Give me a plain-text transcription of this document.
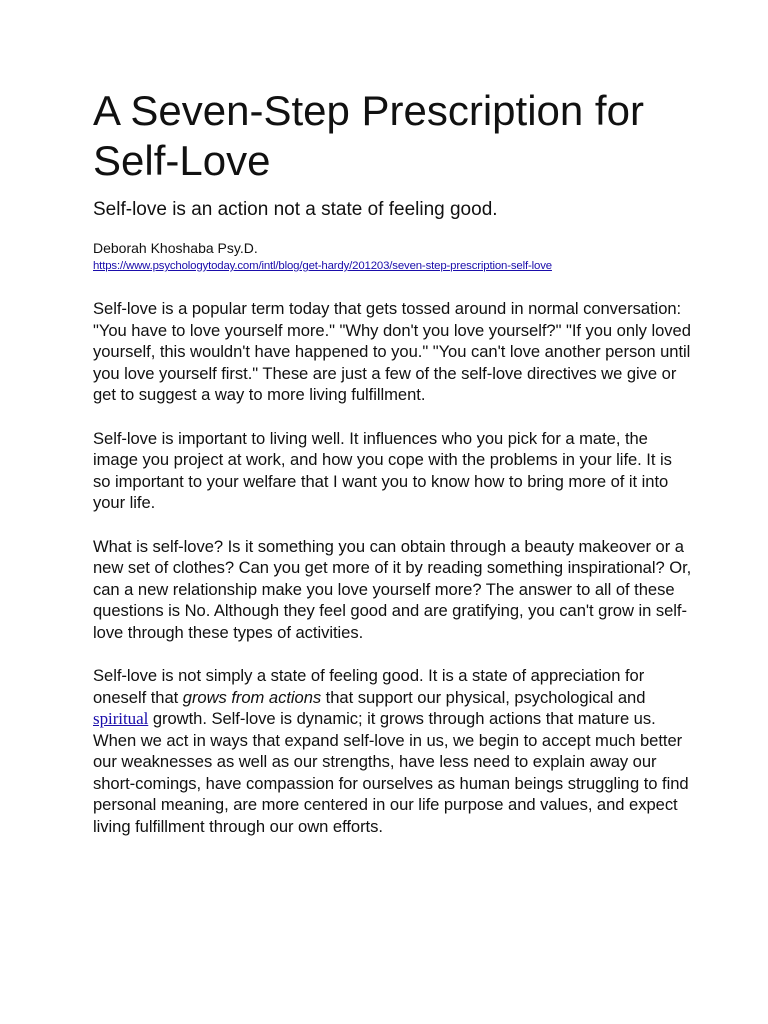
A Seven-Step Prescription for Self-Love

Self-love is an action not a state of feeling good.

Deborah Khoshaba Psy.D.

https://www.psychologytoday.com/intl/blog/get-hardy/201203/seven-step-prescription-self-love

Self-love is a popular term today that gets tossed around in normal conversation: "You have to love yourself more." "Why don't you love yourself?" "If you only loved yourself, this wouldn't have happened to you." "You can't love another person until you love yourself first." These are just a few of the self-love directives we give or get to suggest a way to more living fulfillment.

Self-love is important to living well. It influences who you pick for a mate, the image you project at work, and how you cope with the problems in your life. It is so important to your welfare that I want you to know how to bring more of it into your life.

What is self-love? Is it something you can obtain through a beauty makeover or a new set of clothes? Can you get more of it by reading something inspirational? Or, can a new relationship make you love yourself more? The answer to all of these questions is No. Although they feel good and are gratifying, you can't grow in self-love through these types of activities.

Self-love is not simply a state of feeling good. It is a state of appreciation for oneself that grows from actions that support our physical, psychological and spiritual growth. Self-love is dynamic; it grows through actions that mature us. When we act in ways that expand self-love in us, we begin to accept much better our weaknesses as well as our strengths, have less need to explain away our short-comings, have compassion for ourselves as human beings struggling to find personal meaning, are more centered in our life purpose and values, and expect living fulfillment through our own efforts.
